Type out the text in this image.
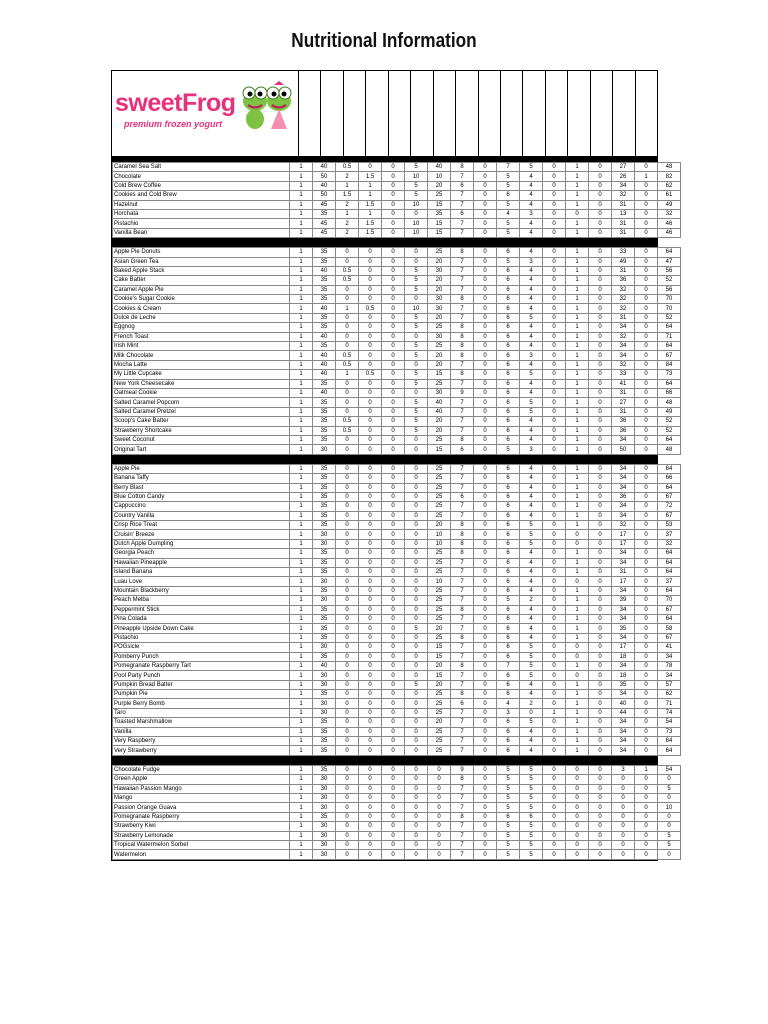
Nutritional Information
sweetFrog
premium frozen yogurt
Caramel Sea Salt	1	40	0.5	0	0	5	40	8	0	7	5	0	1	0	27	0	48
Chocolate	1	50	2	1.5	0	10	10	7	0	5	4	0	1	0	26	1	82
Cold Brew Coffee	1	40	1	1	0	5	20	6	0	5	4	0	1	0	34	0	62
Cookies and Cold Brew	1	50	1.5	1	0	5	25	7	0	6	4	0	1	0	32	0	61
Hazelnut	1	45	2	1.5	0	10	15	7	0	5	4	0	1	0	31	0	49
Horchata	1	35	1	1	0	0	35	6	0	4	3	0	0	0	13	0	32
Pistachio	1	45	2	1.5	0	10	15	7	0	5	4	0	1	0	31	0	46
Vanilla Bean	1	45	2	1.5	0	10	15	7	0	5	4	0	1	0	31	0	46
Apple Pie Donuts	1	35	0	0	0	0	25	8	0	6	4	0	1	0	33	0	64
Asian Green Tea	1	35	0	0	0	0	20	7	0	5	3	0	1	0	49	0	47
Baked Apple Stack	1	40	0.5	0	0	5	30	7	0	6	4	0	1	0	31	0	56
Cake Batter	1	35	0.5	0	0	5	20	7	0	6	4	0	1	0	36	0	52
Caramel Apple Pie	1	35	0	0	0	5	20	7	0	6	4	0	1	0	32	0	56
Cookie's Sugar Cookie	1	35	0	0	0	0	30	8	0	6	4	0	1	0	32	0	70
Cookies & Cream	1	40	1	0.5	0	10	30	7	0	6	4	0	1	0	32	0	70
Dulce de Leche	1	35	0	0	0	5	20	7	0	6	5	0	1	0	31	0	52
Eggnog	1	35	0	0	0	5	25	8	0	6	4	0	1	0	34	0	64
French Toast	1	40	0	0	0	0	30	8	0	6	4	0	1	0	32	0	71
Irish Mint	1	35	0	0	0	5	25	8	0	6	4	0	1	0	34	0	64
Milk Chocolate	1	40	0.5	0	0	5	20	8	0	6	3	0	1	0	34	0	67
Mocha Latte	1	40	0.5	0	0	0	20	7	0	6	4	0	1	0	32	0	84
My Little Cupcake	1	40	1	0.5	0	5	15	8	0	6	5	0	1	0	33	0	73
New York Cheesecake	1	35	0	0	0	5	25	7	0	6	4	0	1	0	41	0	64
Oatmeal Cookie	1	40	0	0	0	0	30	9	0	6	4	0	1	0	31	0	66
Salted Caramel Popcorn	1	35	0	0	0	5	40	7	0	6	5	0	1	0	27	0	48
Salted Caramel Pretzel	1	35	0	0	0	5	40	7	0	6	5	0	1	0	31	0	49
Scoop's Cake Batter	1	35	0.5	0	0	5	20	7	0	6	4	0	1	0	36	0	52
Strawberry Shortcake	1	35	0.5	0	0	5	20	7	0	6	4	0	1	0	36	0	52
Sweet Coconut	1	35	0	0	0	0	25	8	0	6	4	0	1	0	34	0	64
Original Tart	1	30	0	0	0	0	15	6	0	5	3	0	1	0	50	0	48
Apple Pie	1	35	0	0	0	0	25	7	0	6	4	0	1	0	34	0	64
Banana Taffy	1	35	0	0	0	0	25	7	0	6	4	0	1	0	34	0	66
Berry Blast	1	35	0	0	0	0	25	7	0	6	4	0	1	0	34	0	64
Blue Cotton Candy	1	35	0	0	0	0	25	6	0	6	4	0	1	0	36	0	67
Cappuccino	1	35	0	0	0	0	25	7	0	6	4	0	1	0	34	0	72
Country Vanilla	1	35	0	0	0	0	25	7	0	6	4	0	1	0	34	0	67
Crisp Rice Treat	1	35	0	0	0	0	20	8	0	6	5	0	1	0	32	0	53
Cruisin' Breeze	1	30	0	0	0	0	10	8	0	6	5	0	0	0	17	0	37
Dutch Apple Dumpling	1	30	0	0	0	0	10	8	0	6	5	0	0	0	17	0	32
Georgia Peach	1	35	0	0	0	0	25	8	0	6	4	0	1	0	34	0	64
Hawaiian Pineapple	1	35	0	0	0	0	25	7	0	6	4	0	1	0	34	0	64
Island Banana	1	35	0	0	0	0	25	7	0	6	4	0	1	0	31	0	64
Luau Love	1	30	0	0	0	0	10	7	0	6	4	0	0	0	17	0	37
Mountain Blackberry	1	35	0	0	0	0	25	7	0	6	4	0	1	0	34	0	64
Peach Melba	1	30	0	0	0	0	25	7	0	5	2	0	1	0	39	0	70
Peppermint Stick	1	35	0	0	0	0	25	8	0	6	4	0	1	0	34	0	67
Pina Colada	1	35	0	0	0	0	25	7	0	6	4	0	1	0	34	0	64
Pineapple Upside Down Cake	1	35	0	0	0	5	20	7	0	6	4	0	1	0	35	0	58
Pistachio	1	35	0	0	0	0	25	8	0	6	4	0	1	0	34	0	67
POGsicle	1	30	0	0	0	0	15	7	0	6	5	0	0	0	17	0	41
Pomberry Punch	1	35	0	0	0	0	15	7	0	6	5	0	0	0	18	0	34
Pomegranate Raspberry Tart	1	40	0	0	0	0	20	8	0	7	5	0	1	0	34	0	78
Pool Party Punch	1	30	0	0	0	0	15	7	0	6	5	0	0	0	18	0	34
Pumpkin Bread Batter	1	30	0	0	0	5	20	7	0	6	4	0	1	0	35	0	57
Pumpkin Pie	1	35	0	0	0	0	25	8	0	6	4	0	1	0	34	0	62
Purple Berry Bomb	1	30	0	0	0	0	25	6	0	4	2	0	1	0	40	0	71
Taro	1	30	0	0	0	0	25	7	0	3	0	1	1	0	44	0	74
Toasted Marshmallow	1	35	0	0	0	0	20	7	0	6	5	0	1	0	34	0	54
Vanilla	1	35	0	0	0	0	25	7	0	6	4	0	1	0	34	0	73
Very Raspberry	1	35	0	0	0	0	25	7	0	6	4	0	1	0	34	0	64
Very Strawberry	1	35	0	0	0	0	25	7	0	6	4	0	1	0	34	0	64
Chocolate Fudge	1	35	0	0	0	0	0	9	0	5	5	0	0	0	3	1	54
Green Apple	1	30	0	0	0	0	0	8	0	5	5	0	0	0	0	0	0
Hawaiian Passion Mango	1	30	0	0	0	0	0	7	0	5	5	0	0	0	0	0	5
Mango	1	30	0	0	0	0	0	7	0	5	5	0	0	0	0	0	0
Passion Orange Guava	1	30	0	0	0	0	0	7	0	5	5	0	0	0	0	0	10
Pomegranate Raspberry	1	35	0	0	0	0	0	8	0	6	6	0	0	0	0	0	0
Strawberry Kiwi	1	30	0	0	0	0	0	7	0	5	5	0	0	0	0	0	0
Strawberry Lemonade	1	30	0	0	0	0	0	7	0	5	5	0	0	0	0	0	5
Tropical Watermelon Sorbet	1	30	0	0	0	0	0	7	0	5	5	0	0	0	0	0	5
Watermelon	1	30	0	0	0	0	0	7	0	5	5	0	0	0	0	0	0
